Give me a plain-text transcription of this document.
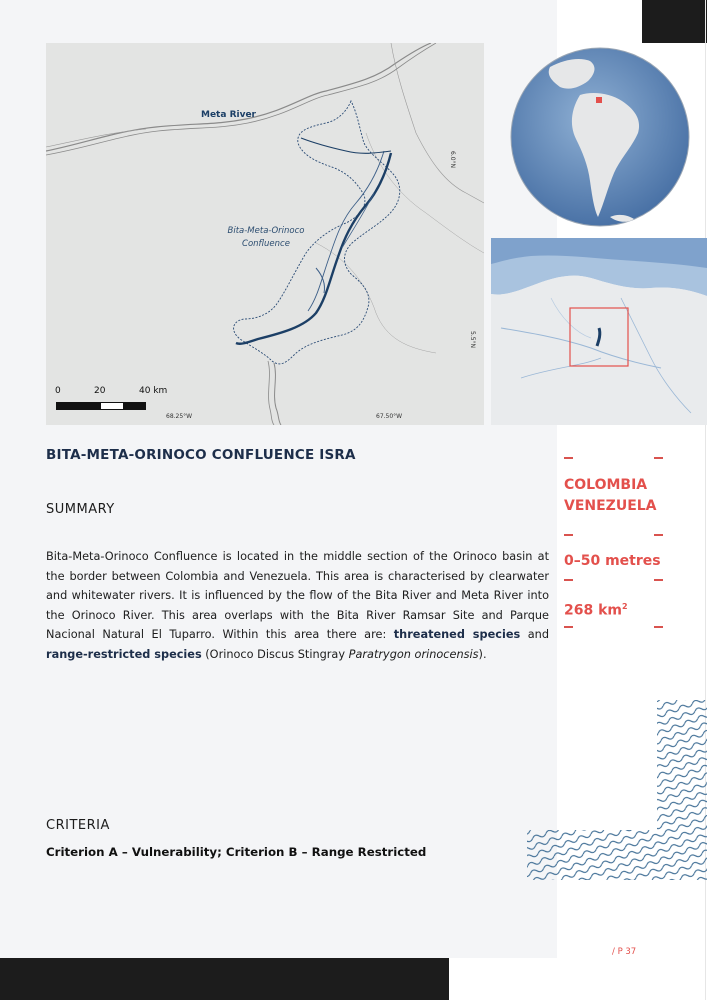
Meta River
Bita-Meta-Orinoco Confluence
6.0°N
5.5°N
68.25°W	67.50°W
0	20	40 km
BITA-META-ORINOCO CONFLUENCE ISRA
SUMMARY

Bita-Meta-Orinoco Confluence is located in the middle section of the Orinoco basin at the border between Colombia and Venezuela. This area is characterised by clearwater and whitewater rivers. It is influenced by the flow of the Bita River and Meta River into the Orinoco River. This area overlaps with the Bita River Ramsar Site and Parque Nacional Natural El Tuparro. Within this area there are: threatened species and range-restricted species (Orinoco Discus Stingray Paratrygon orinocensis).

CRITERIA

Criterion A – Vulnerability; Criterion B – Range Restricted

COLOMBIA

VENEZUELA

0–50 metres

268 $km^2$

/ P 37
